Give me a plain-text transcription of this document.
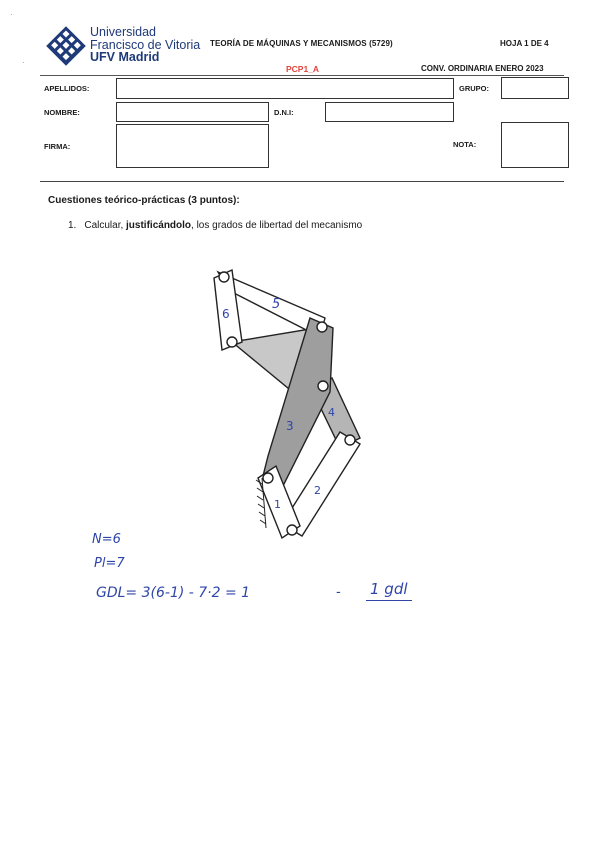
·
·
Universidad
Francisco de Vitoria
UFV Madrid
TEORÍA DE MÁQUINAS Y MECANISMOS (5729)	HOJA 1 DE 4
PCP1_A	CONV. ORDINARIA ENERO 2023
APELLIDOS:	GRUPO:
NOMBRE:	D.N.I:
FIRMA:	NOTA:
Cuestiones teórico-prácticas (3 puntos):
1. Calcular, justificándolo, los grados de libertad del mecanismo
5
6
3
4
2
1
N=6
Pl=7
GDL= 3(6-1) - 7·2 = 1	- 1 gdl
